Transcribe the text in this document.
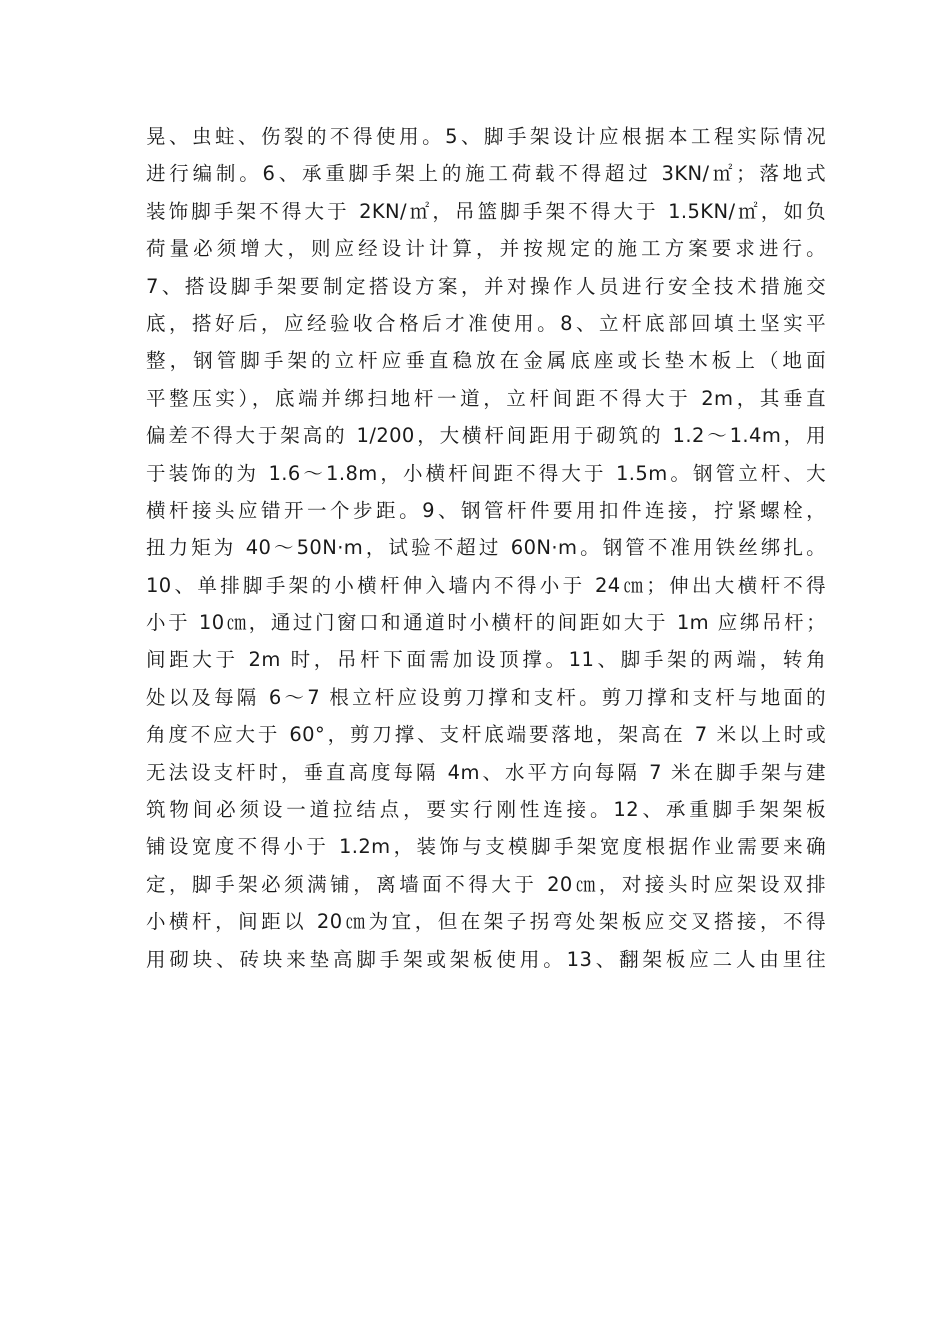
晃、虫蛀、伤裂的不得使用。5、脚手架设计应根据本工程实际情况
进行编制。6、承重脚手架上的施工荷载不得超过 3KN/㎡；落地式
装饰脚手架不得大于 2KN/㎡，吊篮脚手架不得大于 1.5KN/㎡，如负
荷量必须增大，则应经设计计算，并按规定的施工方案要求进行。
7、搭设脚手架要制定搭设方案，并对操作人员进行安全技术措施交
底，搭好后，应经验收合格后才准使用。8、立杆底部回填土坚实平
整，钢管脚手架的立杆应垂直稳放在金属底座或长垫木板上（地面
平整压实），底端并绑扫地杆一道，立杆间距不得大于 2m，其垂直
偏差不得大于架高的 1/200，大横杆间距用于砌筑的 1.2～1.4m，用
于装饰的为 1.6～1.8m，小横杆间距不得大于 1.5m。钢管立杆、大
横杆接头应错开一个步距。9、钢管杆件要用扣件连接，拧紧螺栓，
扭力矩为 40～50N·m，试验不超过 60N·m。钢管不准用铁丝绑扎。
10、单排脚手架的小横杆伸入墙内不得小于 24㎝；伸出大横杆不得
小于 10㎝，通过门窗口和通道时小横杆的间距如大于 1m 应绑吊杆；
间距大于 2m 时，吊杆下面需加设顶撑。11、脚手架的两端，转角
处以及每隔 6～7 根立杆应设剪刀撑和支杆。剪刀撑和支杆与地面的
角度不应大于 60°，剪刀撑、支杆底端要落地，架高在 7 米以上时或
无法设支杆时，垂直高度每隔 4m、水平方向每隔 7 米在脚手架与建
筑物间必须设一道拉结点，要实行刚性连接。12、承重脚手架架板
铺设宽度不得小于 1.2m，装饰与支模脚手架宽度根据作业需要来确
定，脚手架必须满铺，离墙面不得大于 20㎝，对接头时应架设双排
小横杆，间距以 20㎝为宜，但在架子拐弯处架板应交叉搭接，不得
用砌块、砖块来垫高脚手架或架板使用。13、翻架板应二人由里往
